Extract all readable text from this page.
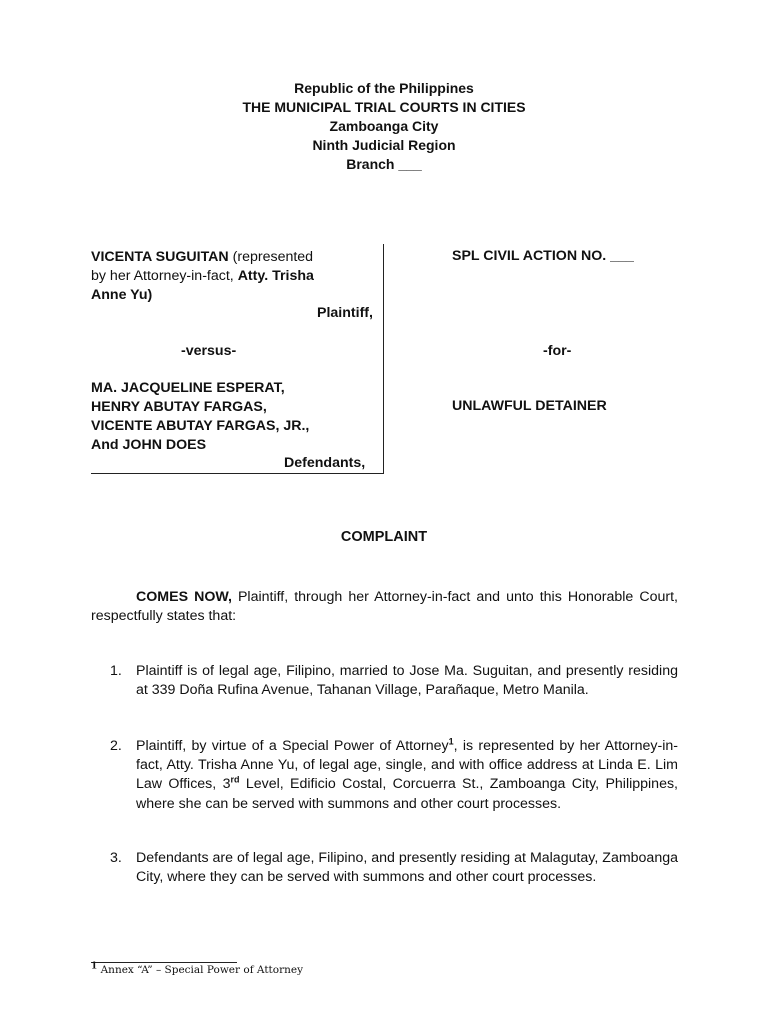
Republic of the Philippines
THE MUNICIPAL TRIAL COURTS IN CITIES
Zamboanga City
Ninth Judicial Region
Branch ___
VICENTA SUGUITAN (represented
by her Attorney-in-fact, Atty. Trisha
Anne Yu)
Plaintiff,
-versus-
MA. JACQUELINE ESPERAT,
HENRY ABUTAY FARGAS,
VICENTE ABUTAY FARGAS, JR.,
And JOHN DOES
Defendants,
SPL CIVIL ACTION NO. ___
-for-
UNLAWFUL DETAINER
COMPLAINT
COMES NOW, Plaintiff, through her Attorney-in-fact and unto this Honorable Court, respectfully states that:
1. Plaintiff is of legal age, Filipino, married to Jose Ma. Suguitan, and presently residing at 339 Doña Rufina Avenue, Tahanan Village, Parañaque, Metro Manila.
2. Plaintiff, by virtue of a Special Power of Attorney$^1$, is represented by her Attorney-in-fact, Atty. Trisha Anne Yu, of legal age, single, and with office address at Linda E. Lim Law Offices, 3rd Level, Edificio Costal, Corcuerra St., Zamboanga City, Philippines, where she can be served with summons and other court processes.
3. Defendants are of legal age, Filipino, and presently residing at Malagutay, Zamboanga City, where they can be served with summons and other court processes.
$^1$ Annex “A” – Special Power of Attorney
